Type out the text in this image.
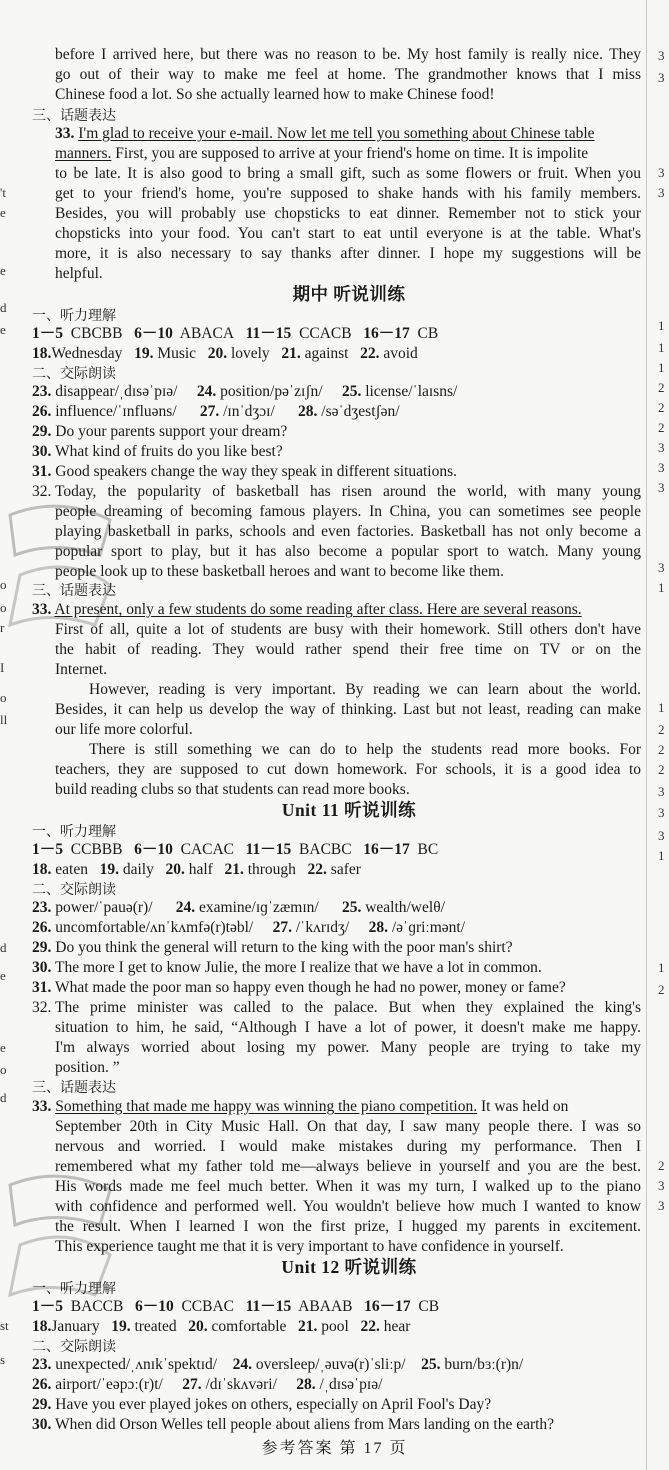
before I arrived here, but there was no reason to be. My host family is really nice. They
go out of their way to make me feel at home. The grandmother knows that I miss
Chinese food a lot. So she actually learned how to make Chinese food!
三、话题表达
33. I'm glad to receive your e-mail. Now let me tell you something about Chinese table
manners. First, you are supposed to arrive at your friend's home on time. It is impolite
to be late. It is also good to bring a small gift, such as some flowers or fruit. When you
get to your friend's home, you're supposed to shake hands with his family members.
Besides, you will probably use chopsticks to eat dinner. Remember not to stick your
chopsticks into your food. You can't start to eat until everyone is at the table. What's
more, it is also necessary to say thanks after dinner. I hope my suggestions will be
helpful.
期中 听说训练
一、听力理解
1－5 CBCBB 6－10 ABACA 11－15 CCACB 16－17 CB
18.Wednesday 19. Music 20. lovely 21. against 22. avoid
二、交际朗读
23. disappear/ˌdɪsəˈpɪə/ 24. position/pəˈzɪʃn/ 25. license/ˈlaɪsns/
26. influence/ˈɪnfluəns/ 27. /ɪnˈdʒɔɪ/ 28. /səˈdʒestʃən/
29. Do your parents support your dream?
30. What kind of fruits do you like best?
31. Good speakers change the way they speak in different situations.
32. Today, the popularity of basketball has risen around the world, with many young
people dreaming of becoming famous players. In China, you can sometimes see people
playing basketball in parks, schools and even factories. Basketball has not only become a
popular sport to play, but it has also become a popular sport to watch. Many young
people look up to these basketball heroes and want to become like them.
三、话题表达
33. At present, only a few students do some reading after class. Here are several reasons.
First of all, quite a lot of students are busy with their homework. Still others don't have
the habit of reading. They would rather spend their free time on TV or on the
Internet.
However, reading is very important. By reading we can learn about the world.
Besides, it can help us develop the way of thinking. Last but not least, reading can make
our life more colorful.
There is still something we can do to help the students read more books. For
teachers, they are supposed to cut down homework. For schools, it is a good idea to
build reading clubs so that students can read more books.
Unit 11 听说训练
一、听力理解
1－5 CCBBB 6－10 CACAC 11－15 BACBC 16－17 BC
18. eaten 19. daily 20. half 21. through 22. safer
二、交际朗读
23. power/ˈpauə(r)/ 24. examine/ɪɡˈzæmɪn/ 25. wealth/welθ/
26. uncomfortable/ʌnˈkʌmfə(r)təbl/ 27. /ˈkʌrɪdʒ/ 28. /əˈɡriːmənt/
29. Do you think the general will return to the king with the poor man's shirt?
30. The more I get to know Julie, the more I realize that we have a lot in common.
31. What made the poor man so happy even though he had no power, money or fame?
32. The prime minister was called to the palace. But when they explained the king's
situation to him, he said, “Although I have a lot of power, it doesn't make me happy.
I'm always worried about losing my power. Many people are trying to take my
position. ”
三、话题表达
33. Something that made me happy was winning the piano competition. It was held on
September 20th in City Music Hall. On that day, I saw many people there. I was so
nervous and worried. I would make mistakes during my performance. Then I
remembered what my father told me—always believe in yourself and you are the best.
His words made me feel much better. When it was my turn, I walked up to the piano
with confidence and performed well. You wouldn't believe how much I wanted to know
the result. When I learned I won the first prize, I hugged my parents in excitement.
This experience taught me that it is very important to have confidence in yourself.
Unit 12 听说训练
一、听力理解
1－5 BACCB 6－10 CCBAC 11－15 ABAAB 16－17 CB
18.January 19. treated 20. comfortable 21. pool 22. hear
二、交际朗读
23. unexpected/ˌʌnɪkˈspektɪd/ 24. oversleep/ˌəuvə(r)ˈsliːp/ 25. burn/bɜː(r)n/
26. airport/ˈeəpɔː(r)t/ 27. /dɪˈskʌvəri/ 28. /ˌdɪsəˈpɪə/
29. Have you ever played jokes on others, especially on April Fool's Day?
30. When did Orson Welles tell people about aliens from Mars landing on the earth?
参考答案 第 17 页
't
e
e
d
e
o
o
r
I
o
ll
d
e
e
o
d
st
s
3
3
3
3
1
1
1
2
2
2
3
3
3
3
1
1
2
2
2
3
3
3
1
1
2
2
3
3
